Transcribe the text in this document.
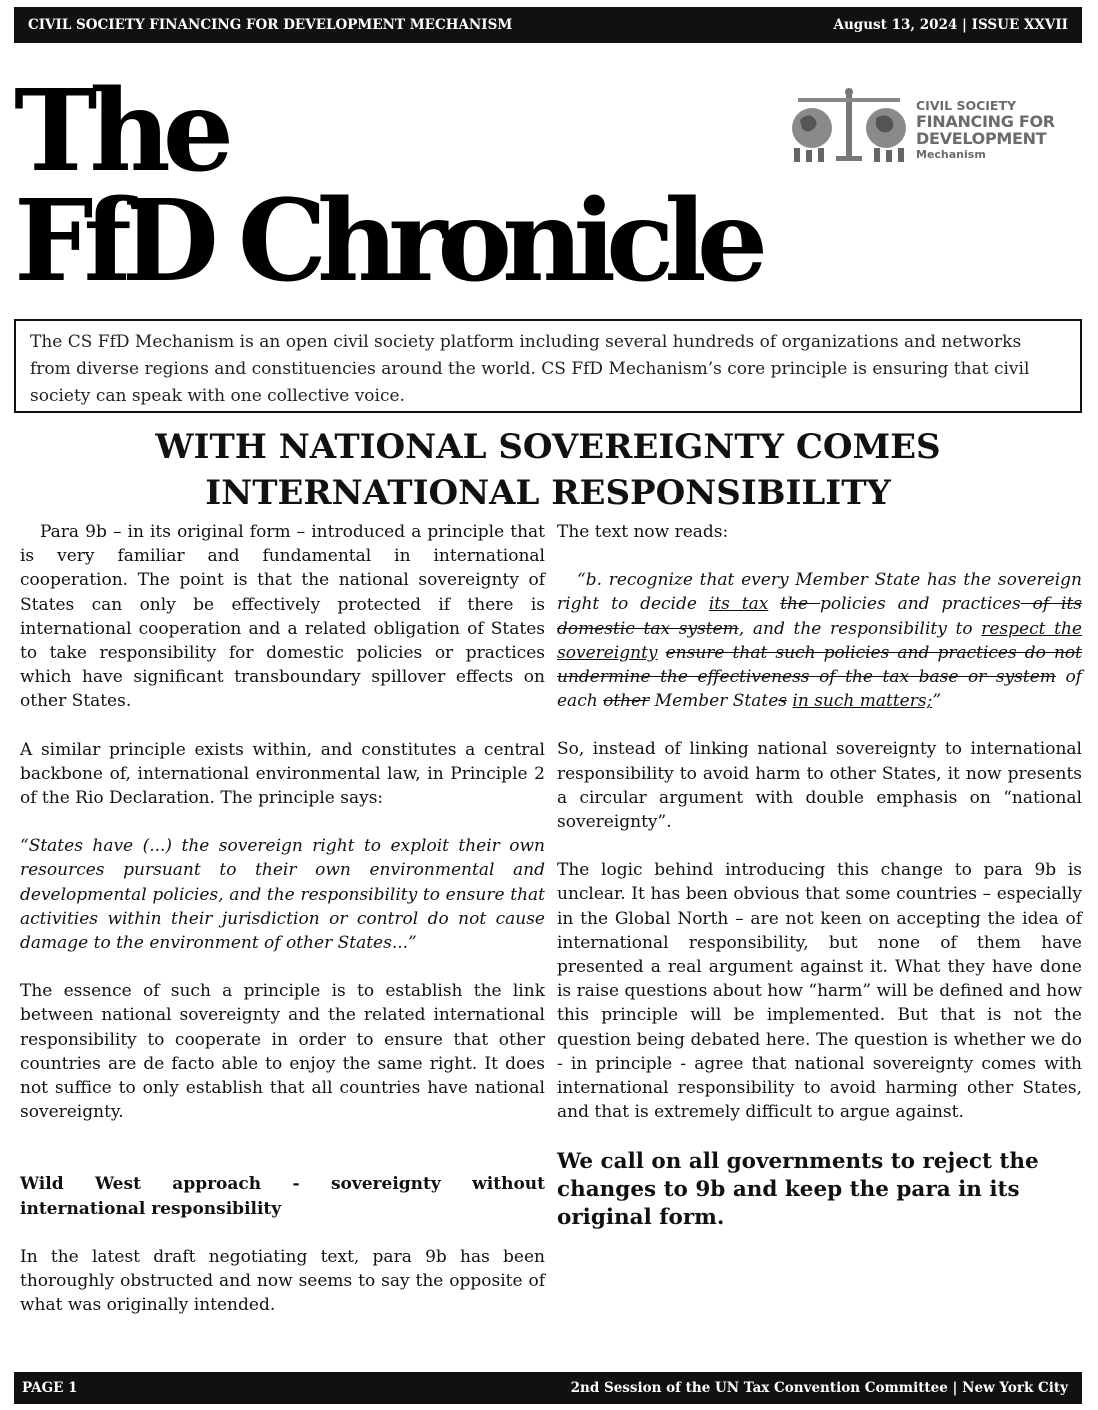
CIVIL SOCIETY FINANCING FOR DEVELOPMENT MECHANISM	August 13, 2024 | ISSUE XXVII
The
FfD Chronicle
CIVIL SOCIETY
FINANCING FOR
DEVELOPMENT
Mechanism
The CS FfD Mechanism is an open civil society platform including several hundreds of organizations and networks from diverse regions and constituencies around the world. CS FfD Mechanism’s core principle is ensuring that civil society can speak with one collective voice.
WITH NATIONAL SOVEREIGNTY COMES
INTERNATIONAL RESPONSIBILITY

Para 9b – in its original form – introduced a principle that is very familiar and fundamental in international cooperation. The point is that the national sovereignty of States can only be effectively protected if there is international cooperation and a related obligation of States to take responsibility for domestic policies or practices which have significant transboundary spillover effects on other States.

A similar principle exists within, and constitutes a central backbone of, international environmental law, in Principle 2 of the Rio Declaration. The principle says:

“States have (...) the sovereign right to exploit their own resources pursuant to their own environmental and developmental policies, and the responsibility to ensure that activities within their jurisdiction or control do not cause damage to the environment of other States...”

The essence of such a principle is to establish the link between national sovereignty and the related international responsibility to cooperate in order to ensure that other countries are de facto able to enjoy the same right. It does not suffice to only establish that all countries have national sovereignty.

Wild West approach - sovereignty without international responsibility

In the latest draft negotiating text, para 9b has been thoroughly obstructed and now seems to say the opposite of what was originally intended.

The text now reads:

“b. recognize that every Member State has the sovereign right to decide its tax the policies and practices of its domestic tax system, and the responsibility to respect the sovereignty ensure that such policies and practices do not undermine the effectiveness of the tax base or system of each other Member States in such matters;”

So, instead of linking national sovereignty to international responsibility to avoid harm to other States, it now presents a circular argument with double emphasis on “national sovereignty”.

The logic behind introducing this change to para 9b is unclear. It has been obvious that some countries – especially in the Global North – are not keen on accepting the idea of international responsibility, but none of them have presented a real argument against it. What they have done is raise questions about how “harm” will be defined and how this principle will be implemented. But that is not the question being debated here. The question is whether we do - in principle - agree that national sovereignty comes with international responsibility to avoid harming other States, and that is extremely difficult to argue against.

We call on all governments to reject the changes to 9b and keep the para in its original form.

PAGE 1	2nd Session of the UN Tax Convention Committee | New York City
